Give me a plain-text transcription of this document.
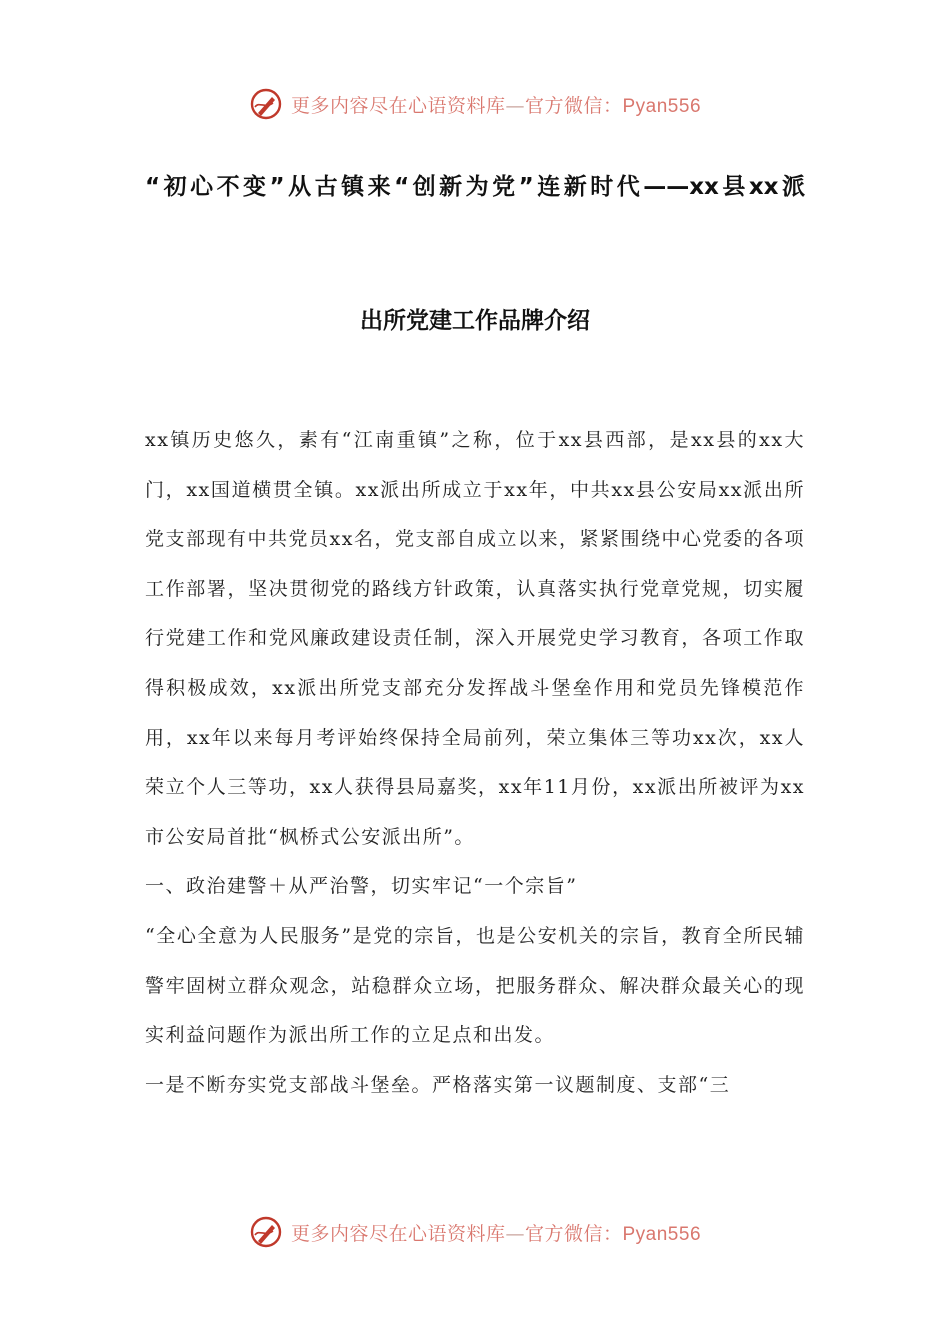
更多内容尽在心语资料库—官方微信：Pyan556
“初心不变”从古镇来“创新为党”连新时代——xx县xx派
出所党建工作品牌介绍

xx镇历史悠久，素有“江南重镇”之称，位于xx县西部，是xx县的xx大门，xx国道横贯全镇。xx派出所成立于xx年，中共xx县公安局xx派出所党支部现有中共党员xx名，党支部自成立以来，紧紧围绕中心党委的各项工作部署，坚决贯彻党的路线方针政策，认真落实执行党章党规，切实履行党建工作和党风廉政建设责任制，深入开展党史学习教育，各项工作取得积极成效，xx派出所党支部充分发挥战斗堡垒作用和党员先锋模范作用，xx年以来每月考评始终保持全局前列，荣立集体三等功xx次，xx人荣立个人三等功，xx人获得县局嘉奖，xx年11月份，xx派出所被评为xx市公安局首批“枫桥式公安派出所”。

一、政治建警＋从严治警，切实牢记“一个宗旨”

“全心全意为人民服务”是党的宗旨，也是公安机关的宗旨，教育全所民辅警牢固树立群众观念，站稳群众立场，把服务群众、解决群众最关心的现实利益问题作为派出所工作的立足点和出发。

一是不断夯实党支部战斗堡垒。严格落实第一议题制度、支部“三

更多内容尽在心语资料库—官方微信：Pyan556
